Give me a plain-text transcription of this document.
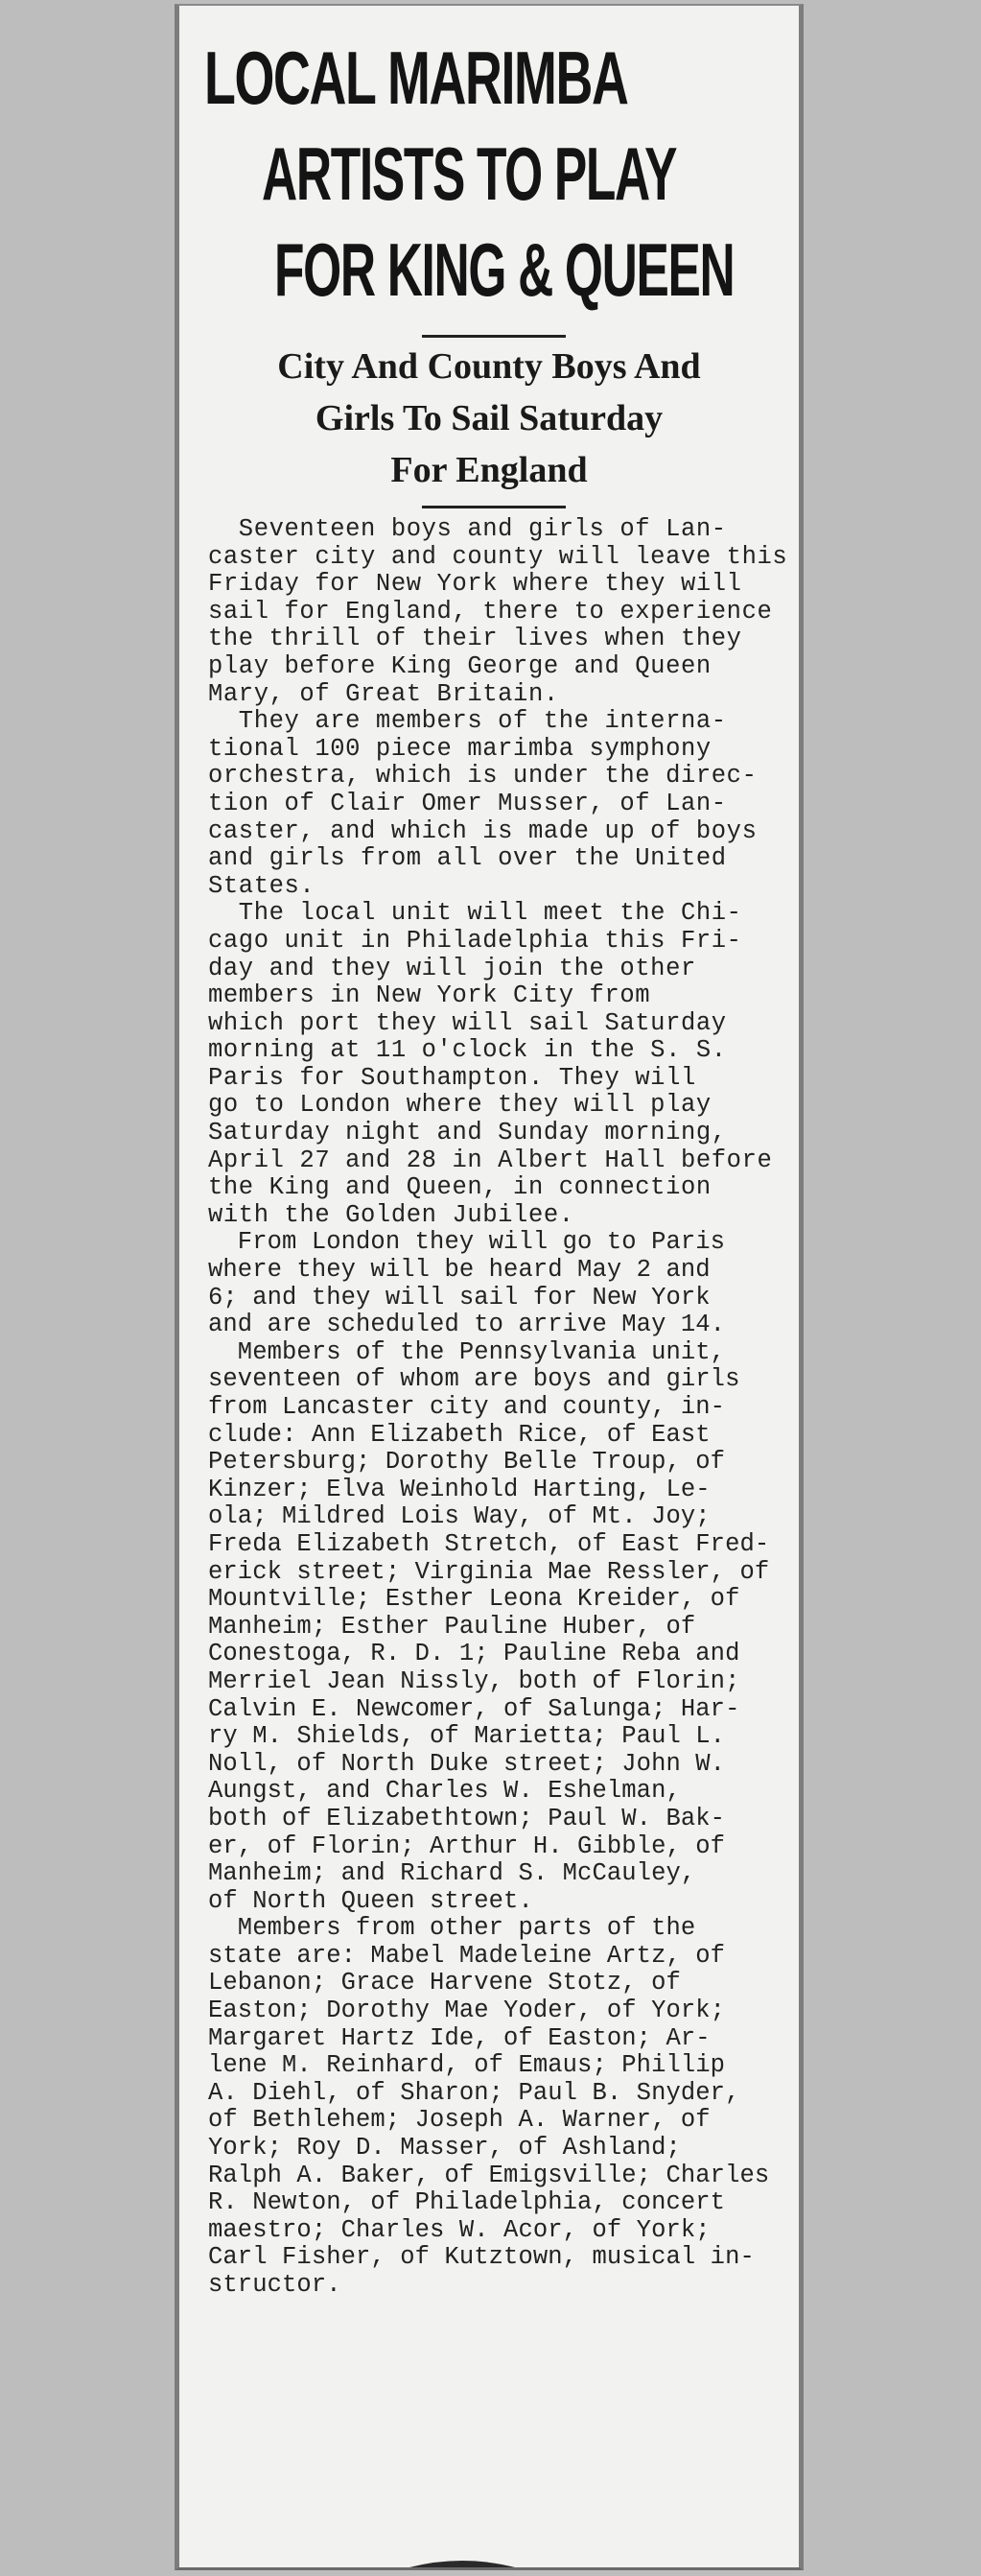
LOCAL MARIMBA
ARTISTS TO PLAY
FOR KING & QUEEN
City And County Boys And
Girls To Sail Saturday
For England
Seventeen boys and girls of Lan-
caster city and county will leave this
Friday for New York where they will
sail for England, there to experience
the thrill of their lives when they
play before King George and Queen
Mary, of Great Britain.
They are members of the interna-
tional 100 piece marimba symphony
orchestra, which is under the direc-
tion of Clair Omer Musser, of Lan-
caster, and which is made up of boys
and girls from all over the United
States.
The local unit will meet the Chi-
cago unit in Philadelphia this Fri-
day and they will join the other
members in New York City from
which port they will sail Saturday
morning at 11 o'clock in the S. S.
Paris for Southampton. They will
go to London where they will play
Saturday night and Sunday morning,
April 27 and 28 in Albert Hall before
the King and Queen, in connection
with the Golden Jubilee.
From London they will go to Paris
where they will be heard May 2 and
6; and they will sail for New York
and are scheduled to arrive May 14.
Members of the Pennsylvania unit,
seventeen of whom are boys and girls
from Lancaster city and county, in-
clude: Ann Elizabeth Rice, of East
Petersburg; Dorothy Belle Troup, of
Kinzer; Elva Weinhold Harting, Le-
ola; Mildred Lois Way, of Mt. Joy;
Freda Elizabeth Stretch, of East Fred-
erick street; Virginia Mae Ressler, of
Mountville; Esther Leona Kreider, of
Manheim; Esther Pauline Huber, of
Conestoga, R. D. 1; Pauline Reba and
Merriel Jean Nissly, both of Florin;
Calvin E. Newcomer, of Salunga; Har-
ry M. Shields, of Marietta; Paul L.
Noll, of North Duke street; John W.
Aungst, and Charles W. Eshelman,
both of Elizabethtown; Paul W. Bak-
er, of Florin; Arthur H. Gibble, of
Manheim; and Richard S. McCauley,
of North Queen street.
Members from other parts of the
state are: Mabel Madeleine Artz, of
Lebanon; Grace Harvene Stotz, of
Easton; Dorothy Mae Yoder, of York;
Margaret Hartz Ide, of Easton; Ar-
lene M. Reinhard, of Emaus; Phillip
A. Diehl, of Sharon; Paul B. Snyder,
of Bethlehem; Joseph A. Warner, of
York; Roy D. Masser, of Ashland;
Ralph A. Baker, of Emigsville; Charles
R. Newton, of Philadelphia, concert
maestro; Charles W. Acor, of York;
Carl Fisher, of Kutztown, musical in-
structor.
